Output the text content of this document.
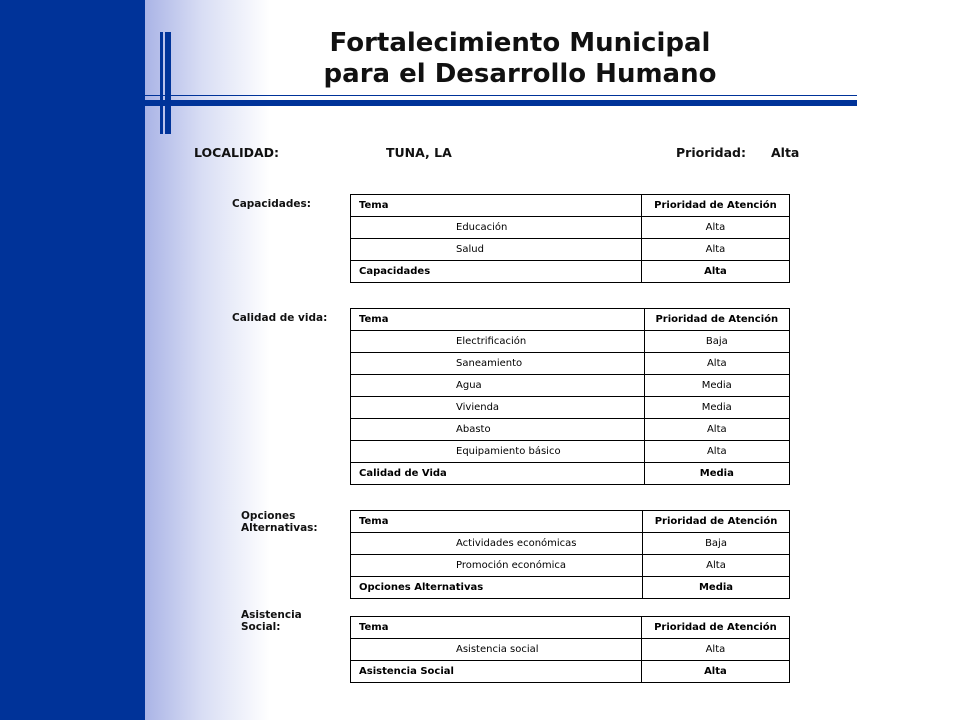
Fortalecimiento Municipal
para el Desarrollo Humano
LOCALIDAD:	TUNA, LA	Prioridad: Alta
Capacidades:	Tema	Prioridad de Atención
Educación	Alta
Salud	Alta
Capacidades	Alta
Calidad de vida:	Tema	Prioridad de Atención
Electrificación	Baja
Saneamiento	Alta
Agua	Media
Vivienda	Media
Abasto	Alta
Equipamiento básico	Alta
Calidad de Vida	Media
Opciones
Alternativas:
Tema	Prioridad de Atención
Actividades económicas	Baja
Promoción económica	Alta
Opciones Alternativas	Media
Asistencia
Social:	Tema	Prioridad de Atención
Asistencia social	Alta
Asistencia Social	Alta
